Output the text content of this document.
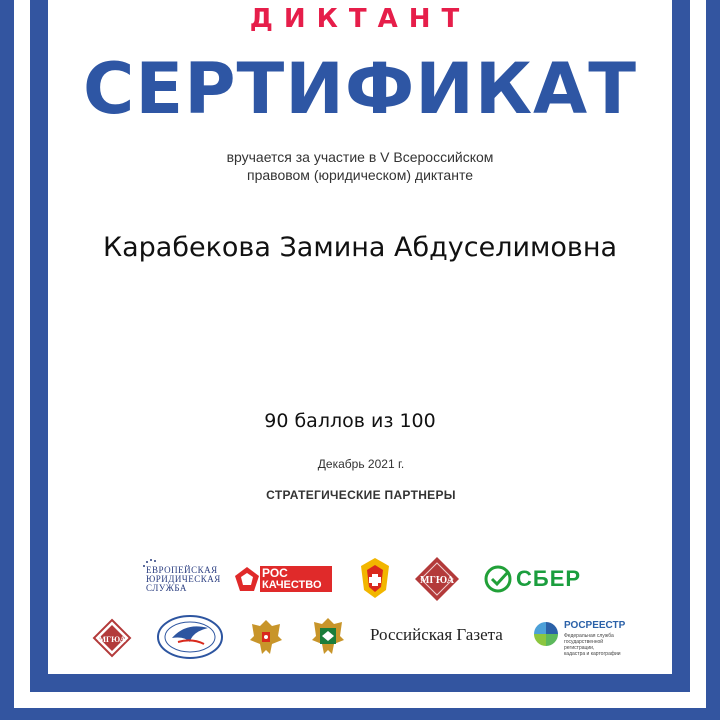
ДИКТАНТ
СЕРТИФИКАТ
вручается за участие в V Всероссийском
правовом (юридическом) диктанте
Карабекова Замина Абдуселимовна
90 баллов из 100
Декабрь 2021 г.
СТРАТЕГИЧЕСКИЕ ПАРТНЕРЫ
ЕВРОПЕЙСКАЯ
ЮРИДИЧЕСКАЯ
СЛУЖБА
РОС
КАЧЕСТВО	МГЮА	СБЕР
МГЮА	Российская Газета	РОСРЕЕСТР
Федеральная служба
государственной регистрации,
кадастра и картографии
